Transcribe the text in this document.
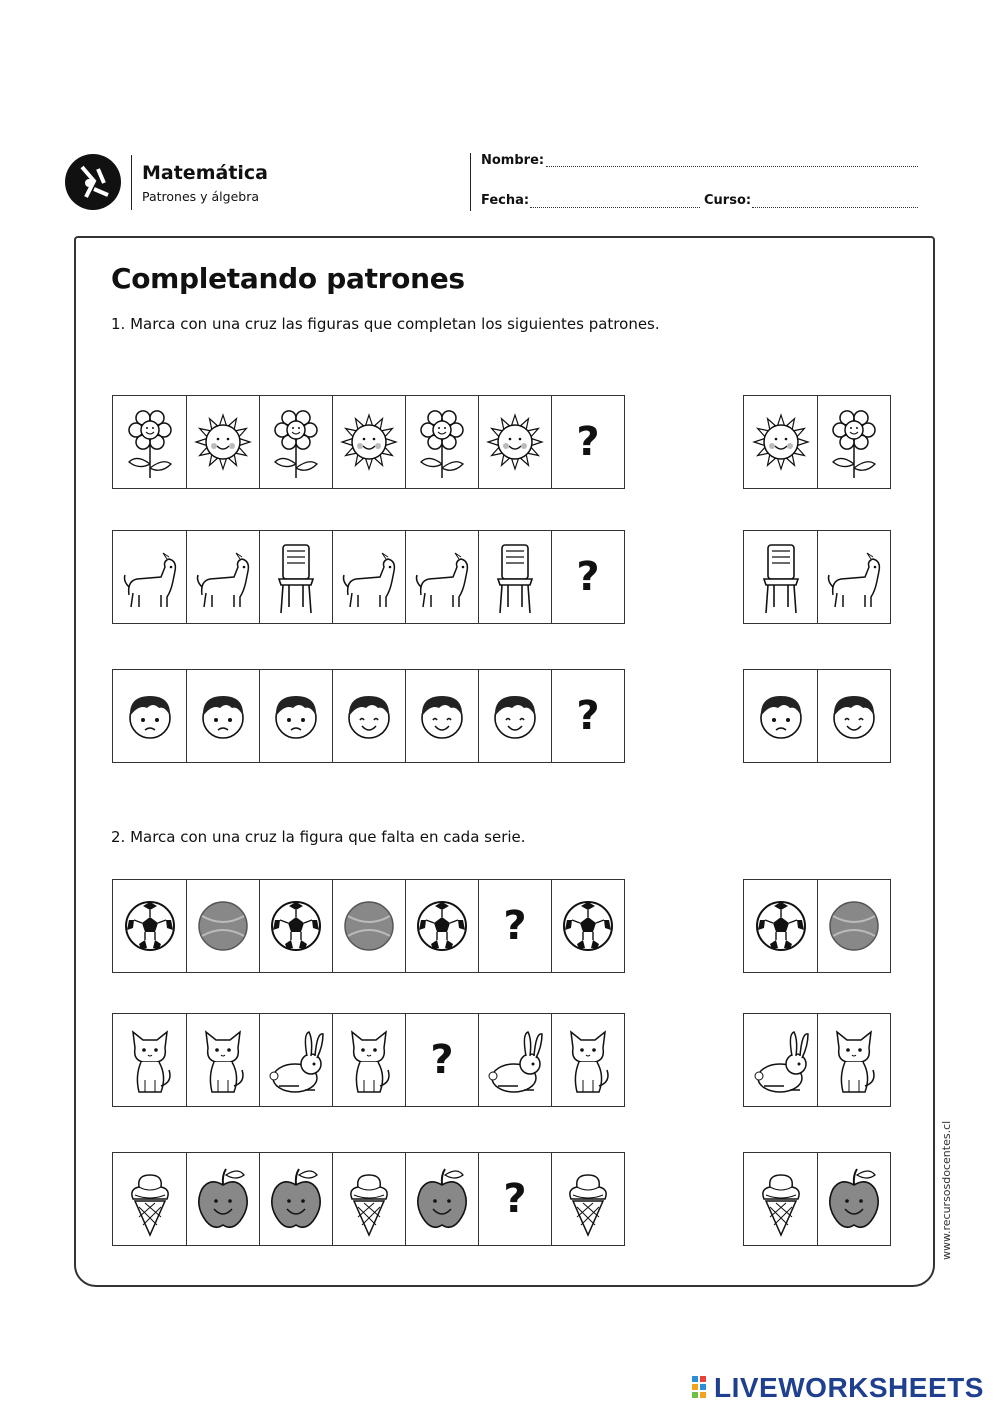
Matemática
Patrones y álgebra
Nombre:
Fecha:	Curso:
Completando patrones
1. Marca con una cruz las figuras que completan los siguientes patrones.
2. Marca con una cruz la figura que falta en cada serie.
?
?
?
?
?
?	www.recursosdocentes.cl
LIVEWORKSHEETS
